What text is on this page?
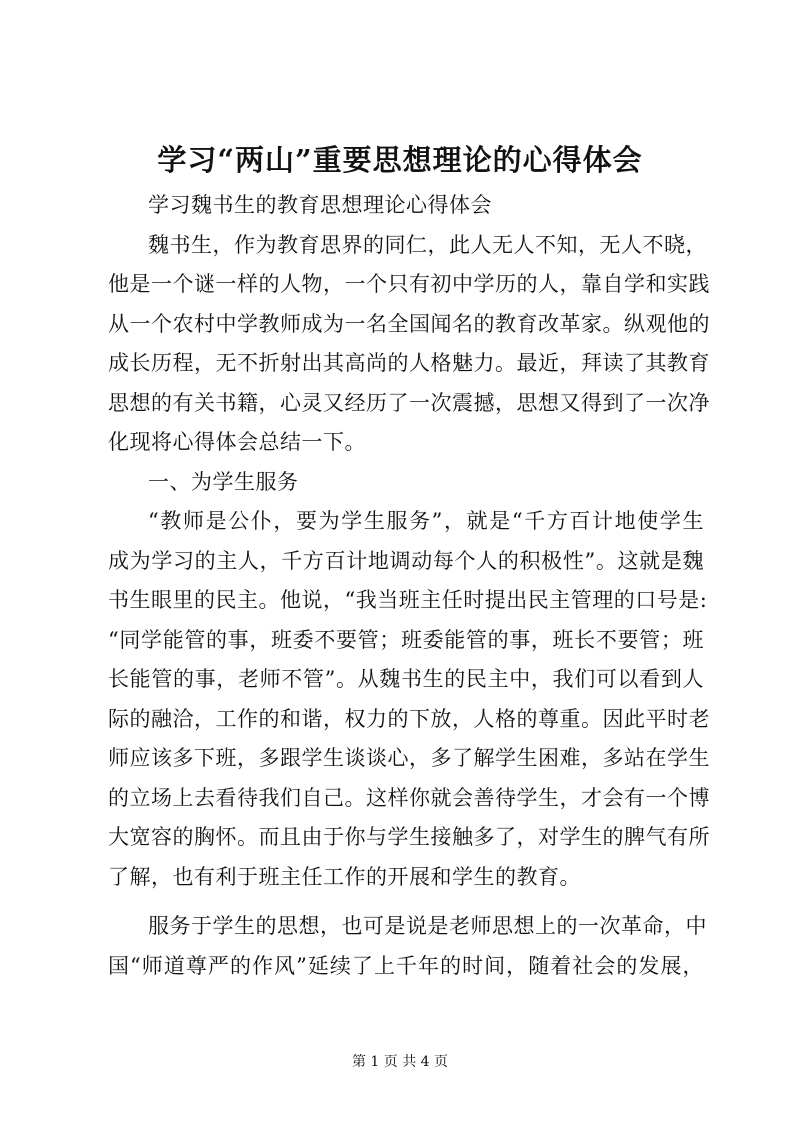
学习“两山”重要思想理论的心得体会
学习魏书生的教育思想理论心得体会
魏书生，作为教育思界的同仁，此人无人不知，无人不晓，
他是一个谜一样的人物，一个只有初中学历的人，靠自学和实践
从一个农村中学教师成为一名全国闻名的教育改革家。纵观他的
成长历程，无不折射出其高尚的人格魅力。最近，拜读了其教育
思想的有关书籍，心灵又经历了一次震撼，思想又得到了一次净
化现将心得体会总结一下。
一、为学生服务
“教师是公仆，要为学生服务”，就是“千方百计地使学生
成为学习的主人，千方百计地调动每个人的积极性”。这就是魏
书生眼里的民主。他说，“我当班主任时提出民主管理的口号是:
“同学能管的事，班委不要管；班委能管的事，班长不要管；班
长能管的事，老师不管”。从魏书生的民主中，我们可以看到人
际的融洽，工作的和谐，权力的下放，人格的尊重。因此平时老
师应该多下班，多跟学生谈谈心，多了解学生困难，多站在学生
的立场上去看待我们自己。这样你就会善待学生，才会有一个博
大宽容的胸怀。而且由于你与学生接触多了，对学生的脾气有所
了解，也有利于班主任工作的开展和学生的教育。
服务于学生的思想，也可是说是老师思想上的一次革命，中
国“师道尊严的作风”延续了上千年的时间，随着社会的发展，
第 1 页 共 4 页
